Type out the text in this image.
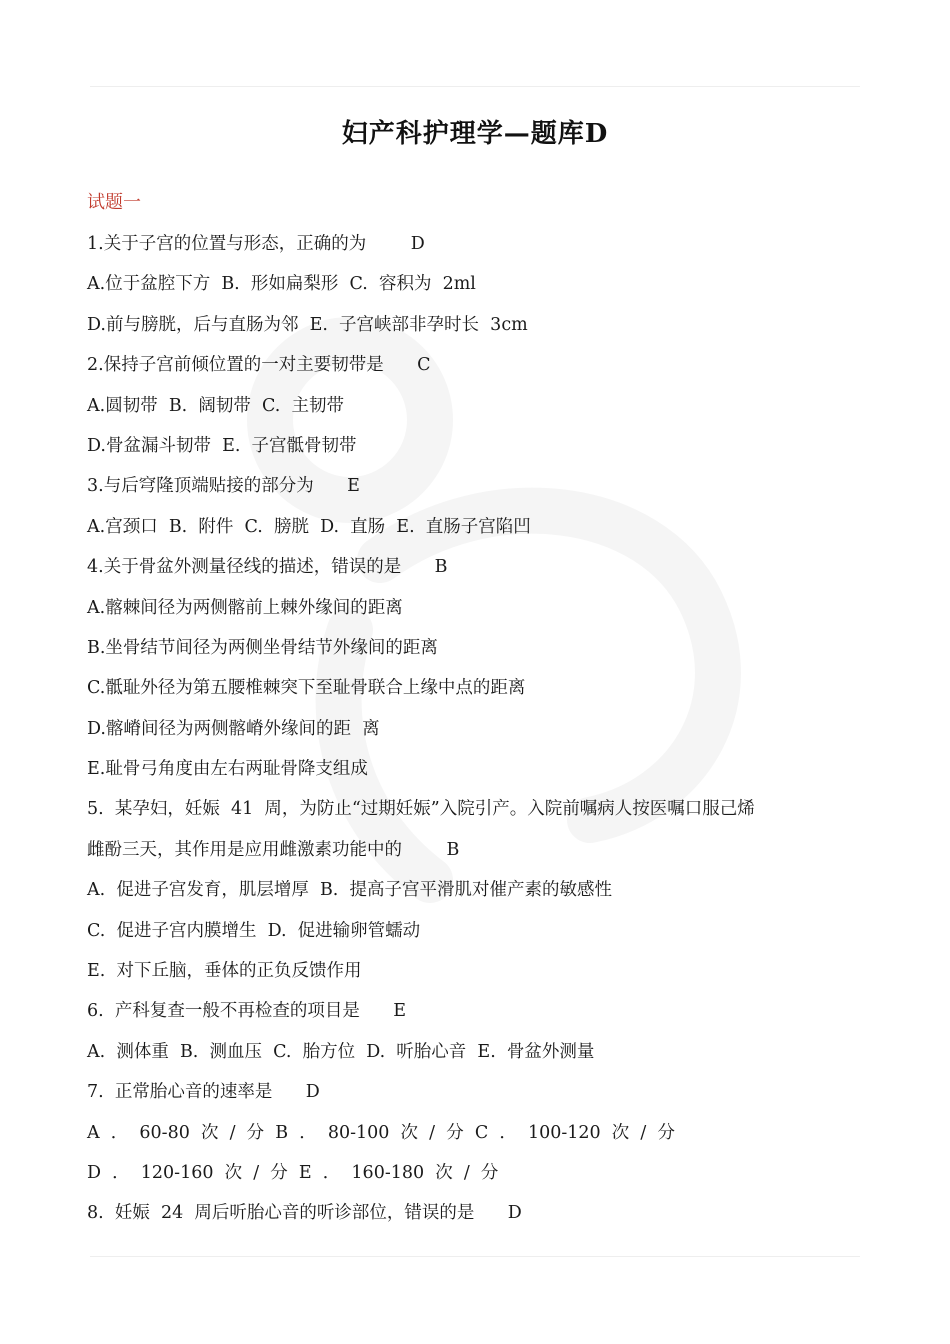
妇产科护理学—题库D
试题一
1.关于子宫的位置与形态，正确的为        D
A.位于盆腔下方  B.  形如扁梨形  C.  容积为  2ml
D.前与膀胱，后与直肠为邻  E.  子宫峡部非孕时长  3cm
2.保持子宫前倾位置的一对主要韧带是      C
A.圆韧带  B.  阔韧带  C.  主韧带
D.骨盆漏斗韧带  E.  子宫骶骨韧带
3.与后穹隆顶端贴接的部分为      E
A.宫颈口  B.  附件  C.  膀胱  D.  直肠  E.  直肠子宫陷凹
4.关于骨盆外测量径线的描述，错误的是      B
A.髂棘间径为两侧髂前上棘外缘间的距离
B.坐骨结节间径为两侧坐骨结节外缘间的距离
C.骶耻外径为第五腰椎棘突下至耻骨联合上缘中点的距离
D.髂嵴间径为两侧髂嵴外缘间的距  离
E.耻骨弓角度由左右两耻骨降支组成
5.  某孕妇，妊娠  41  周，为防止“过期妊娠”入院引产。入院前嘱病人按医嘱口服己烯
雌酚三天，其作用是应用雌激素功能中的        B
A.  促进子宫发育，肌层增厚  B.  提高子宫平滑肌对催产素的敏感性
C.  促进子宫内膜增生  D.  促进输卵管蠕动
E.  对下丘脑，垂体的正负反馈作用
6.  产科复查一般不再检查的项目是      E
A.  测体重  B.  测血压  C.  胎方位  D.  听胎心音  E.  骨盆外测量
7.  正常胎心音的速率是      D
A  ．  60-80  次  /  分  B  ．  80-100  次  /  分  C  ．  100-120  次  /  分
D  ．  120-160  次  /  分  E  ．  160-180  次  /  分
8.  妊娠  24  周后听胎心音的听诊部位，错误的是      D
